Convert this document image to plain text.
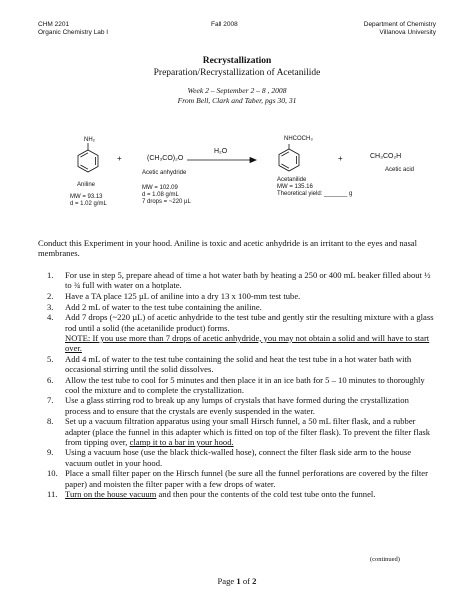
CHM 2201
Organic Chemistry Lab I
Fall 2008	Department of Chemistry
Villanova University
Recrystallization
Preparation/Recrystallization of Acetanilide
Week 2 – September 2 – 8 , 2008
From Bell, Clark and Taber, pgs 30, 31
NH₂
Aniline
MW = 93.13
d = 1.02 g/mL
+	(CH₃CO)₂O
Acetic anhydride
MW = 102.09
d = 1.08 g/mL
7 drops = ~220 µL
H₂O
NHCOCH₃
Acetanilide
MW = 135.16
Theoretical yield: _______ g
+	CH₃CO₂H
Acetic acid
Conduct this Experiment in your hood. Aniline is toxic and acetic anhydride is an irritant to the eyes and nasal membranes.
1. For use in step 5, prepare ahead of time a hot water bath by heating a 250 or 400 mL beaker filled about ½ to ¾ full with water on a hotplate.
2. Have a TA place 125 µL of aniline into a dry 13 x 100-mm test tube.
3. Add 2 mL of water to the test tube containing the aniline.
4. Add 7 drops (~220 µL) of acetic anhydride to the test tube and gently stir the resulting mixture with a glass rod until a solid (the acetanilide product) forms.
NOTE: If you use more than 7 drops of acetic anhydride, you may not obtain a solid and will have to start over.
5. Add 4 mL of water to the test tube containing the solid and heat the test tube in a hot water bath with occasional stirring until the solid dissolves.
6. Allow the test tube to cool for 5 minutes and then place it in an ice bath for 5 – 10 minutes to thoroughly cool the mixture and to complete the crystallization.
7. Use a glass stirring rod to break up any lumps of crystals that have formed during the crystallization process and to ensure that the crystals are evenly suspended in the water.
8. Set up a vacuum filtration apparatus using your small Hirsch funnel, a 50 mL filter flask, and a rubber adapter (place the funnel in this adapter which is fitted on top of the filter flask). To prevent the filter flask from tipping over, clamp it to a bar in your hood.
9. Using a vacuum hose (use the black thick-walled hose), connect the filter flask side arm to the house vacuum outlet in your hood.
10. Place a small filter paper on the Hirsch funnel (be sure all the funnel perforations are covered by the filter paper) and moisten the filter paper with a few drops of water.
11. Turn on the house vacuum and then pour the contents of the cold test tube onto the funnel.
(continued)
Page 1 of 2
